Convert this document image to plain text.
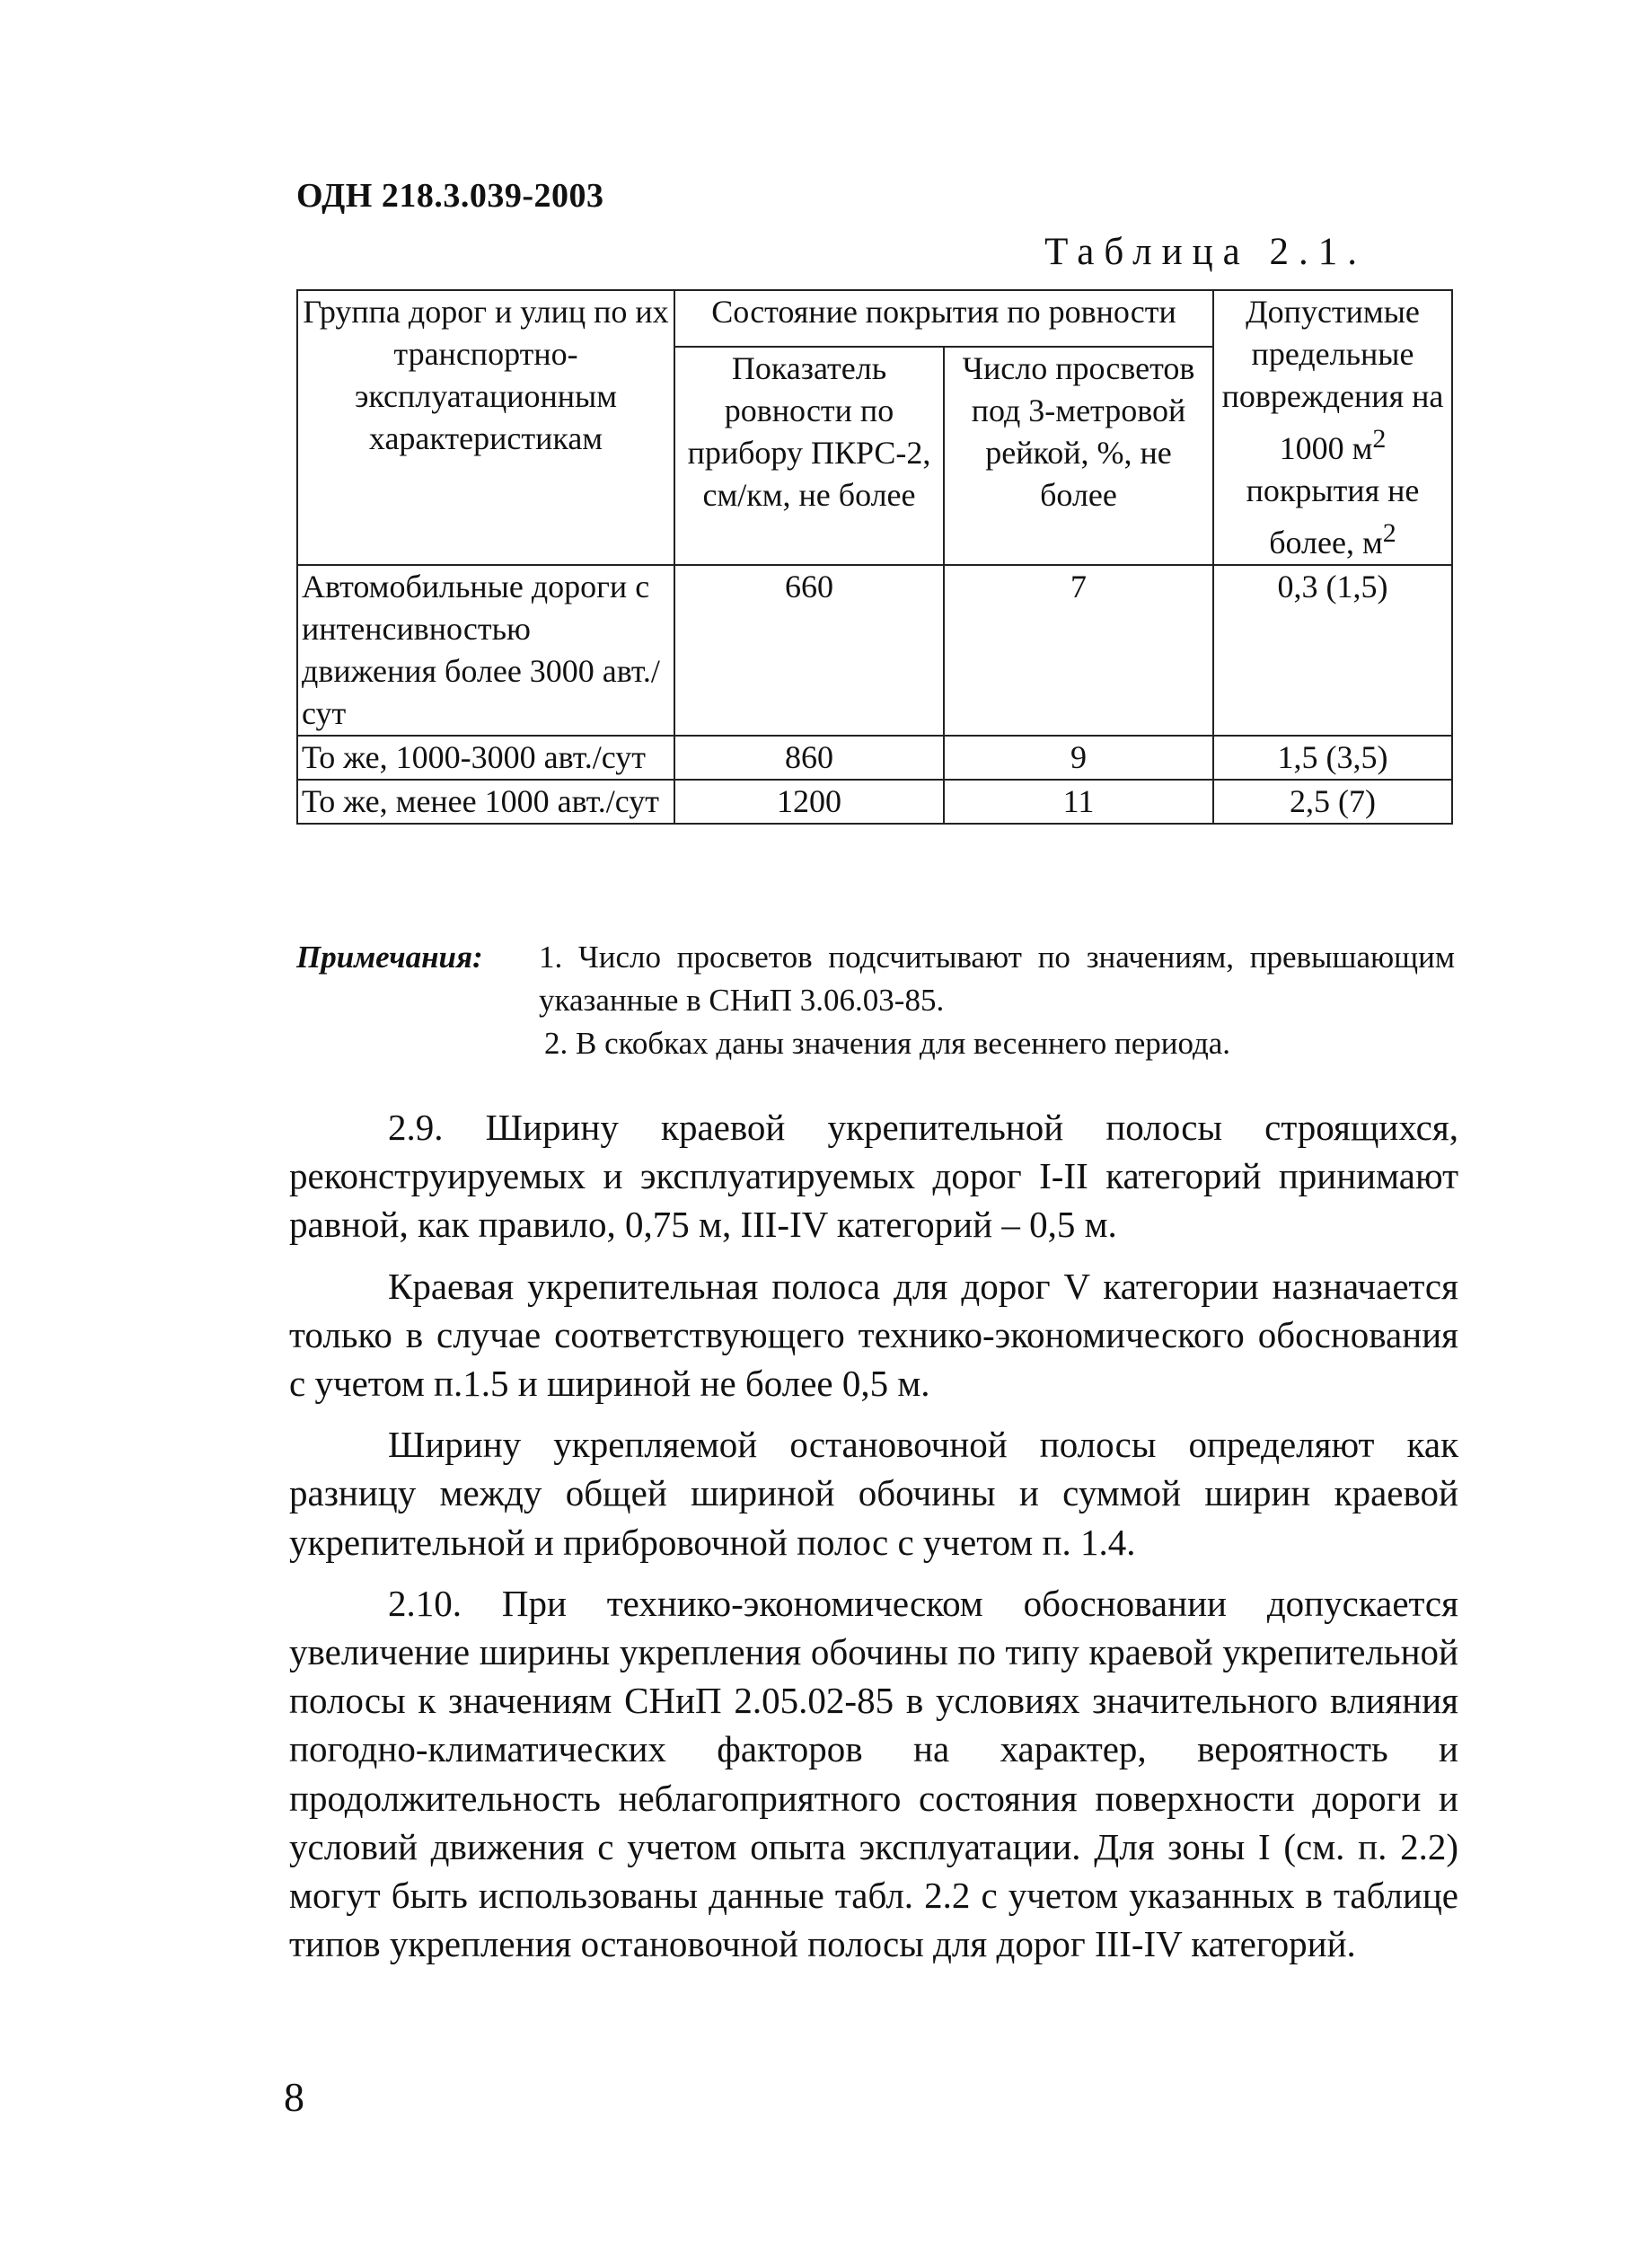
ОДН 218.3.039-2003
Таблица 2.1.
Группа дорог и улиц по их транспортно-эксплуатационным характеристикам	Состояние покрытия по ровности		Допустимые предельные повреждения на 1000 $м^2$ покрытия не более, $м^2$
	Показатель ровности по прибору ПКРС-2, см/км, не более	Число просветов под 3-метровой рейкой, %, не более	
Автомобильные дороги с интенсивностью движения более 3000 авт./сут	660	7	0,3 (1,5)
То же, 1000-3000 авт./сут	860	9	1,5 (3,5)
То же, менее 1000 авт./сут	1200	11	2,5 (7)
Примечания:	1. Число просветов подсчитывают по значениям, превышающим указанные в СНиП 3.06.03-85.
2. В скобках даны значения для весеннего периода.

2.9. Ширину краевой укрепительной полосы строящихся, реконструируемых и эксплуатируемых дорог I-II категорий принимают равной, как правило, 0,75 м, III-IV категорий – 0,5 м.

Краевая укрепительная полоса для дорог V категории назначается только в случае соответствующего технико-экономического обоснования с учетом п.1.5 и шириной не более 0,5 м.

Ширину укрепляемой остановочной полосы определяют как разницу между общей шириной обочины и суммой ширин краевой укрепительной и прибровочной полос с учетом п. 1.4.

2.10. При технико-экономическом обосновании допускается увеличение ширины укрепления обочины по типу краевой укрепительной полосы к значениям СНиП 2.05.02-85 в условиях значительного влияния погодно-климатических факторов на характер, вероятность и продолжительность неблагоприятного состояния поверхности дороги и условий движения с учетом опыта эксплуатации. Для зоны I (см. п. 2.2) могут быть использованы данные табл. 2.2 с учетом указанных в таблице типов укрепления остановочной полосы для дорог III-IV категорий.

8
